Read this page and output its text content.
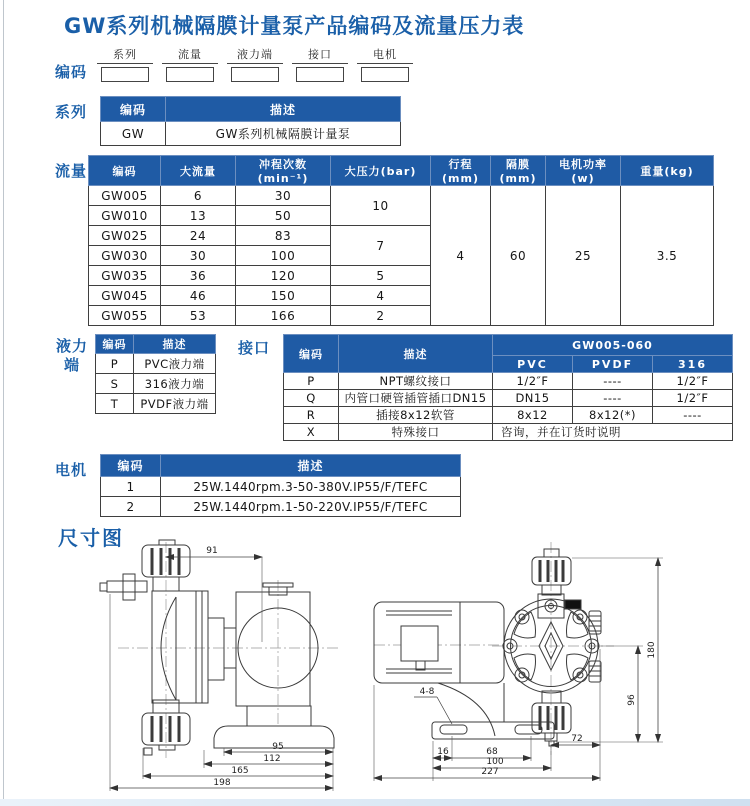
GW系列机械隔膜计量泵产品编码及流量压力表
编码
系列	流量	液力端	接口	电机
系列	编码	描述
GW	GW系列机械隔膜计量泵
流量 编码	大流量	冲程次数(min⁻¹)	大压力(bar)	行程(mm)	隔膜(mm)	电机功率(w)	重量(kg)
GW005	6	30	10	4	60	25	3.5
GW010	13	50					
GW025	24	83	7				
GW030	30	100					
GW035	36	120	5				
GW045	46	150	4				
GW055	53	166	2				
液力
端
编码	描述
P	PVC液力端
S	316液力端
T	PVDF液力端
接口	编码	描述	GW005-060		
		PVC	PVDF	316
P	NPT螺纹接口	1/2″F	----	1/2″F
Q	内管口硬管插管插口DN15	DN15	----	1/2″F
R	插接8x12软管	8x12	8x12(*)	----
X	特殊接口	咨询，并在订货时说明		
电机	编码	描述
1	25W.1440rpm.3-50-380V.IP55/F/TEFC
2	25W.1440rpm.1-50-220V.IP55/F/TEFC
尺寸图
91
95
112
165
198
4-8
72
16	68
100
227
96
180
